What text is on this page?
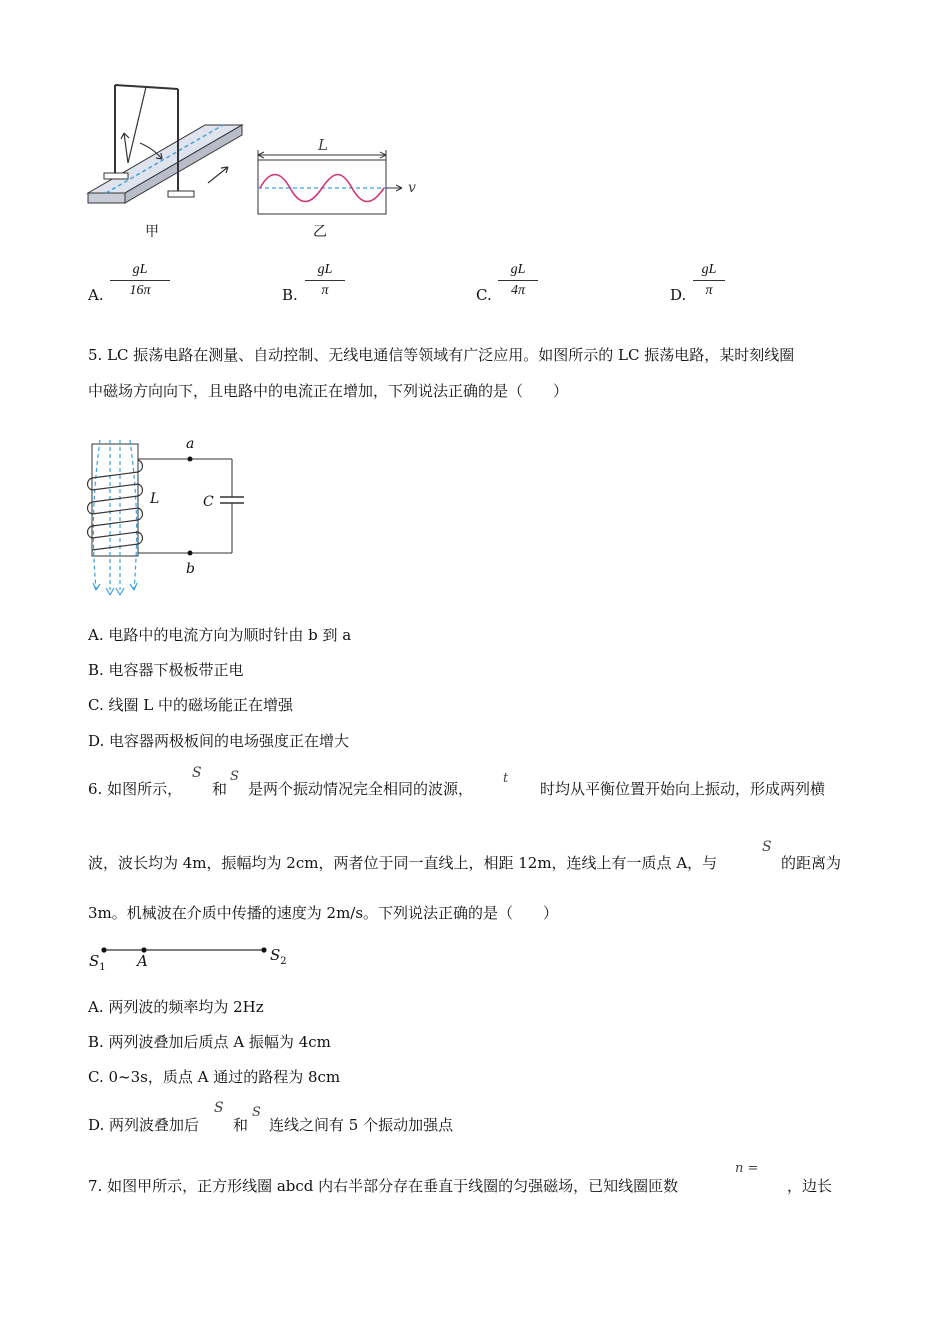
L
v
甲	乙
A. $\frac{gL}{16\pi}$	B. $\frac{gL}{\pi}$	C. $\frac{gL}{4\pi}$	D. $\frac{gL}{\pi}$
5. LC 振荡电路在测量、自动控制、无线电通信等领域有广泛应用。如图所示的 LC 振荡电路，某时刻线圈
中磁场方向向下，且电路中的电流正在增加，下列说法正确的是（　　）
a
b
L	C
A. 电路中的电流方向为顺时针由 b 到 a
B. 电容器下极板带正电
C. 线圈 L 中的磁场能正在增强
D. 电容器两极板间的电场强度正在增大
6. 如图所示，
S
和
S
是两个振动情况完全相同的波源，
t
时均从平衡位置开始向上振动，形成两列横
波，波长均为 4m，振幅均为 2cm，两者位于同一直线上，相距 12m，连线上有一质点 A，与
S
的距离为
3m。机械波在介质中传播的速度为 2m/s。下列说法正确的是（　　）
$S_1$ A	$S_2$
A. 两列波的频率均为 2Hz
B. 两列波叠加后质点 A 振幅为 4cm
C. 0~3s，质点 A 通过的路程为 8cm
D. 两列波叠加后
S
和
S
连线之间有 5 个振动加强点
7. 如图甲所示，正方形线圈 abcd 内右半部分存在垂直于线圈的匀强磁场，已知线圈匝数
n =
，边长
